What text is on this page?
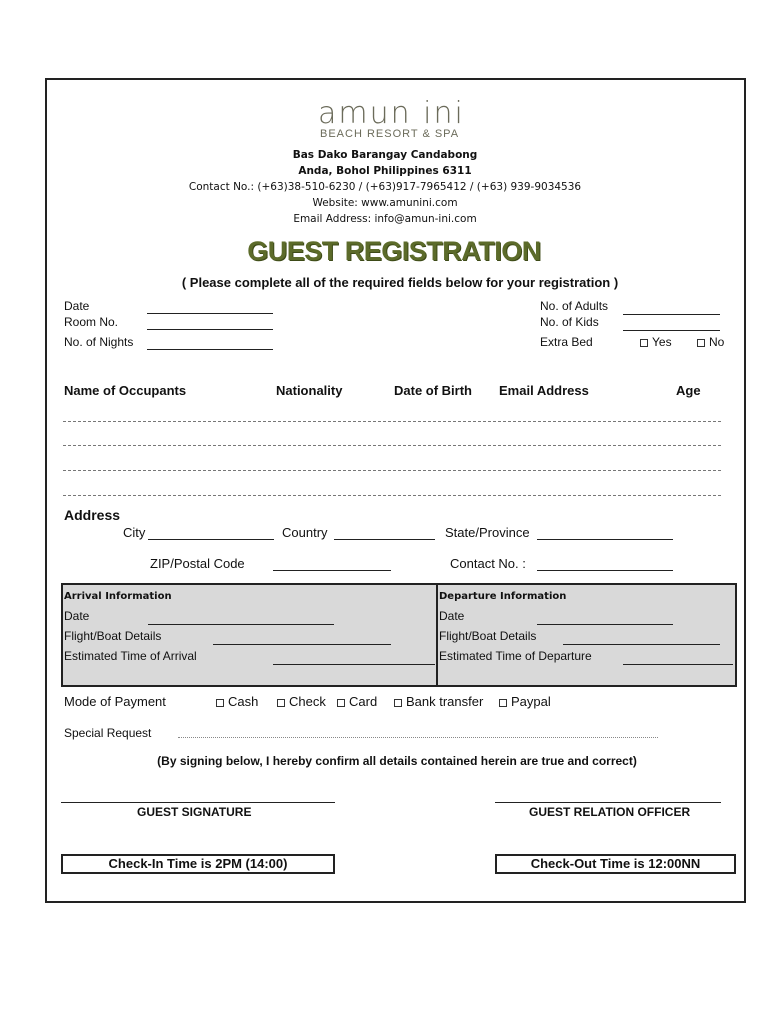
amun ini
BEACH RESORT & SPA
Bas Dako Barangay Candabong
Anda, Bohol Philippines 6311
Contact No.: (+63)38-510-6230 / (+63)917-7965412 / (+63) 939-9034536
Website: www.amunini.com
Email Address: info@amun-ini.com
GUEST REGISTRATION
( Please complete all of the required fields below for your registration )
Date
Room No.
No. of Nights
No. of Adults
No. of Kids
Extra Bed	Yes	No
Name of Occupants	Nationality	Date of Birth Email Address	Age
Address
City	Country	State/Province
ZIP/Postal Code	Contact No. :
Arrival Information
Date
Flight/Boat Details
Estimated Time of Arrival
Departure Information
Date
Flight/Boat Details
Estimated Time of Departure
Mode of Payment	Cash	Check	Card	Bank transfer	Paypal
Special Request
(By signing below, I hereby confirm all details contained herein are true and correct)
GUEST SIGNATURE	GUEST RELATION OFFICER
Check-In Time is 2PM (14:00)	Check-Out Time is 12:00NN
